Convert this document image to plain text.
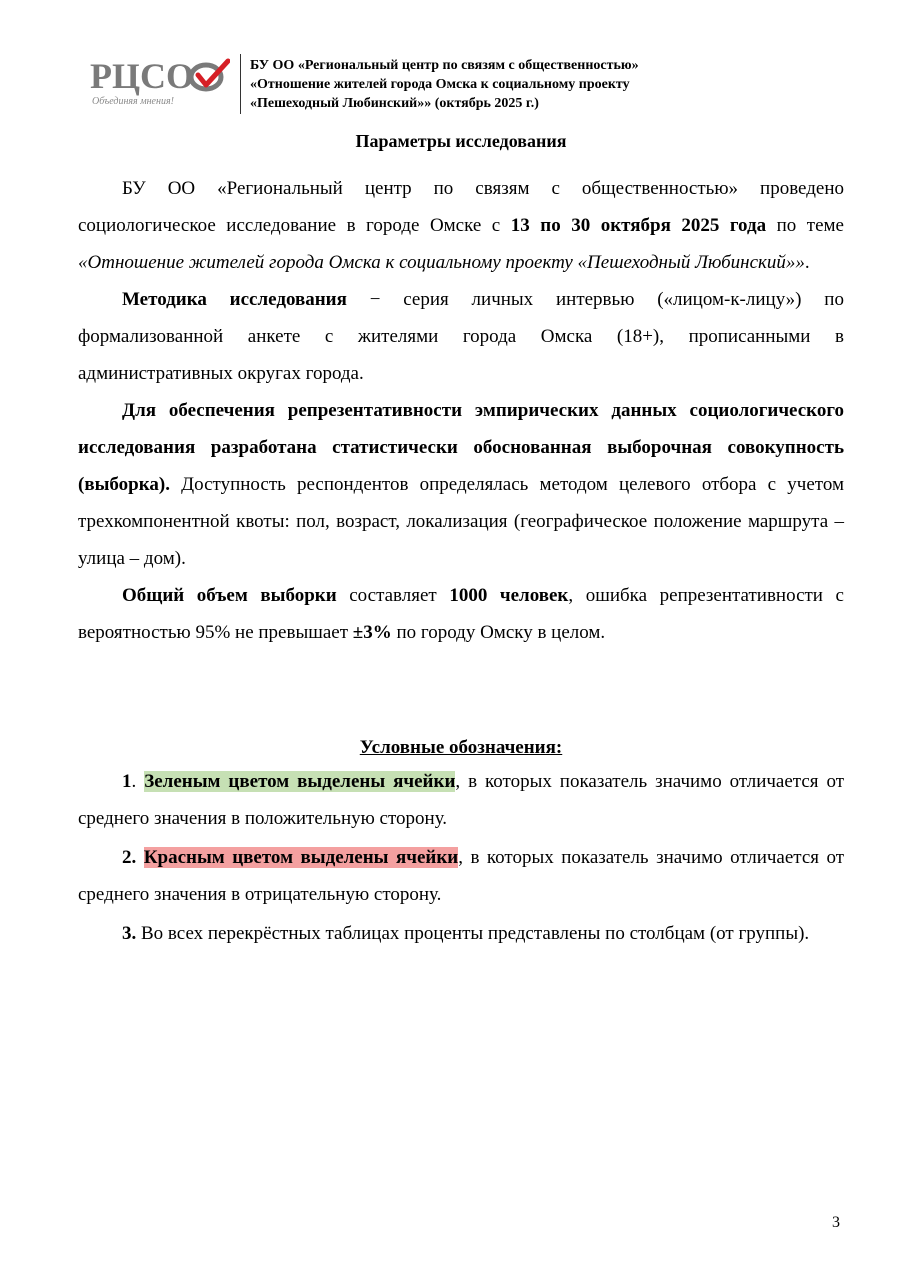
РЦСО
Объединяя мнения!
БУ ОО «Региональный центр по связям с общественностью»
«Отношение жителей города Омска к социальному проекту
«Пешеходный Любинский»» (октябрь 2025 г.)
Параметры исследования

БУ ОО «Региональный центр по связям с общественностью» проведено социологическое исследование в городе Омске с 13 по 30 октября 2025 года по теме «Отношение жителей города Омска к социальному проекту «Пешеходный Любинский»».

Методика исследования − серия личных интервью («лицом-к-лицу») по формализованной анкете с жителями города Омска (18+), прописанными в административных округах города.

Для обеспечения репрезентативности эмпирических данных социологического исследования разработана статистически обоснованная выборочная совокупность (выборка). Доступность респондентов определялась методом целевого отбора с учетом трехкомпонентной квоты: пол, возраст, локализация (географическое положение маршрута – улица – дом).

Общий объем выборки составляет 1000 человек, ошибка репрезентативности с вероятностью 95% не превышает ±3% по городу Омску в целом.

Условные обозначения:

1. Зеленым цветом выделены ячейки, в которых показатель значимо отличается от среднего значения в положительную сторону.

2. Красным цветом выделены ячейки, в которых показатель значимо отличается от среднего значения в отрицательную сторону.

3. Во всех перекрёстных таблицах проценты представлены по столбцам (от группы).

3
